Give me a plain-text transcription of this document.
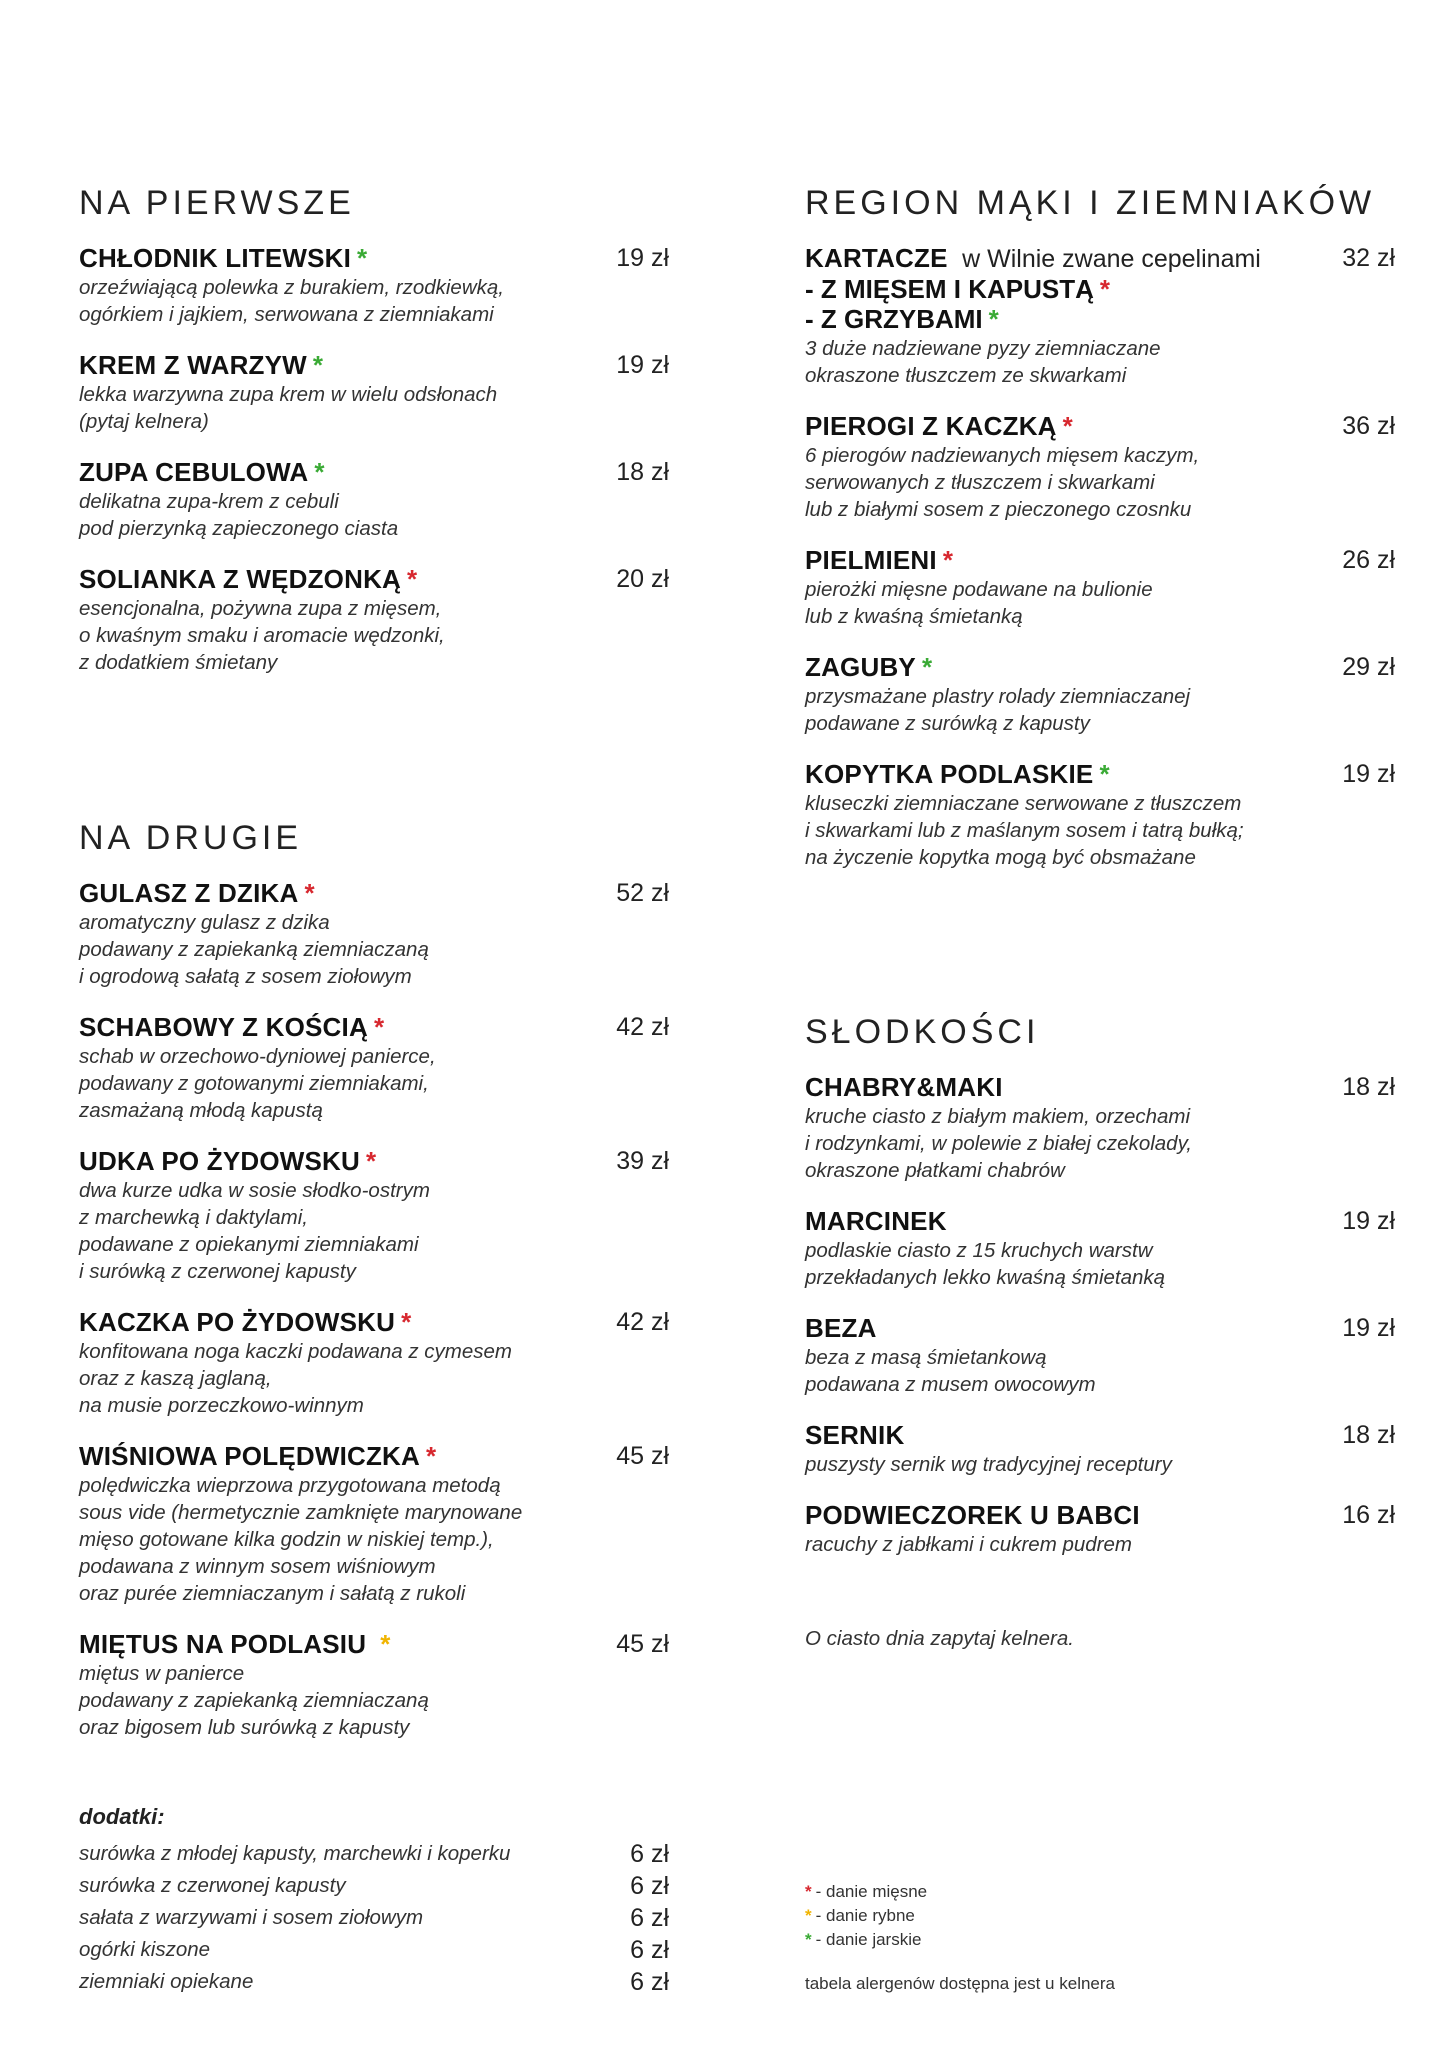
NA PIERWSZE
CHŁODNIK LITEWSKI *	19 zł
orzeźwiającą polewka z burakiem, rzodkiewką,
ogórkiem i jajkiem, serwowana z ziemniakami
KREM Z WARZYW *	19 zł
lekka warzywna zupa krem w wielu odsłonach
(pytaj kelnera)
ZUPA CEBULOWA *	18 zł
delikatna zupa-krem z cebuli
pod pierzynką zapieczonego ciasta
SOLIANKA Z WĘDZONKĄ *	20 zł
esencjonalna, pożywna zupa z mięsem,
o kwaśnym smaku i aromacie wędzonki,
z dodatkiem śmietany
NA DRUGIE
GULASZ Z DZIKA *	52 zł
aromatyczny gulasz z dzika
podawany z zapiekanką ziemniaczaną
i ogrodową sałatą z sosem ziołowym
SCHABOWY Z KOŚCIĄ *	42 zł
schab w orzechowo-dyniowej panierce,
podawany z gotowanymi ziemniakami,
zasmażaną młodą kapustą
UDKA PO ŻYDOWSKU *	39 zł
dwa kurze udka w sosie słodko-ostrym
z marchewką i daktylami,
podawane z opiekanymi ziemniakami
i surówką z czerwonej kapusty
KACZKA PO ŻYDOWSKU *	42 zł
konfitowana noga kaczki podawana z cymesem
oraz z kaszą jaglaną,
na musie porzeczkowo-winnym
WIŚNIOWA POLĘDWICZKA *	45 zł
polędwiczka wieprzowa przygotowana metodą
sous vide (hermetycznie zamknięte marynowane
mięso gotowane kilka godzin w niskiej temp.),
podawana z winnym sosem wiśniowym
oraz purée ziemniaczanym i sałatą z rukoli
MIĘTUS NA PODLASIU *	45 zł
miętus w panierce
podawany z zapiekanką ziemniaczaną
oraz bigosem lub surówką z kapusty
dodatki:
surówka z młodej kapusty, marchewki i koperku	6 zł
surówka z czerwonej kapusty	6 zł
sałata z warzywami i sosem ziołowym	6 zł
ogórki kiszone	6 zł
ziemniaki opiekane	6 zł
REGION MĄKI I ZIEMNIAKÓW
KARTACZE w Wilnie zwane cepelinami	32 zł
- Z MIĘSEM I KAPUSTĄ *
- Z GRZYBAMI *
3 duże nadziewane pyzy ziemniaczane
okraszone tłuszczem ze skwarkami
PIEROGI Z KACZKĄ *	36 zł
6 pierogów nadziewanych mięsem kaczym,
serwowanych z tłuszczem i skwarkami
lub z białymi sosem z pieczonego czosnku
PIELMIENI *	26 zł
pierożki mięsne podawane na bulionie
lub z kwaśną śmietanką
ZAGUBY *	29 zł
przysmażane plastry rolady ziemniaczanej
podawane z surówką z kapusty
KOPYTKA PODLASKIE *	19 zł
kluseczki ziemniaczane serwowane z tłuszczem
i skwarkami lub z maślanym sosem i tatrą bułką;
na życzenie kopytka mogą być obsmażane
SŁODKOŚCI
CHABRY&MAKI	18 zł
kruche ciasto z białym makiem, orzechami
i rodzynkami, w polewie z białej czekolady,
okraszone płatkami chabrów
MARCINEK	19 zł
podlaskie ciasto z 15 kruchych warstw
przekładanych lekko kwaśną śmietanką
BEZA	19 zł
beza z masą śmietankową
podawana z musem owocowym
SERNIK	18 zł
puszysty sernik wg tradycyjnej receptury
PODWIECZOREK U BABCI	16 zł
racuchy z jabłkami i cukrem pudrem
O ciasto dnia zapytaj kelnera.
* - danie mięsne
* - danie rybne
* - danie jarskie
tabela alergenów dostępna jest u kelnera
